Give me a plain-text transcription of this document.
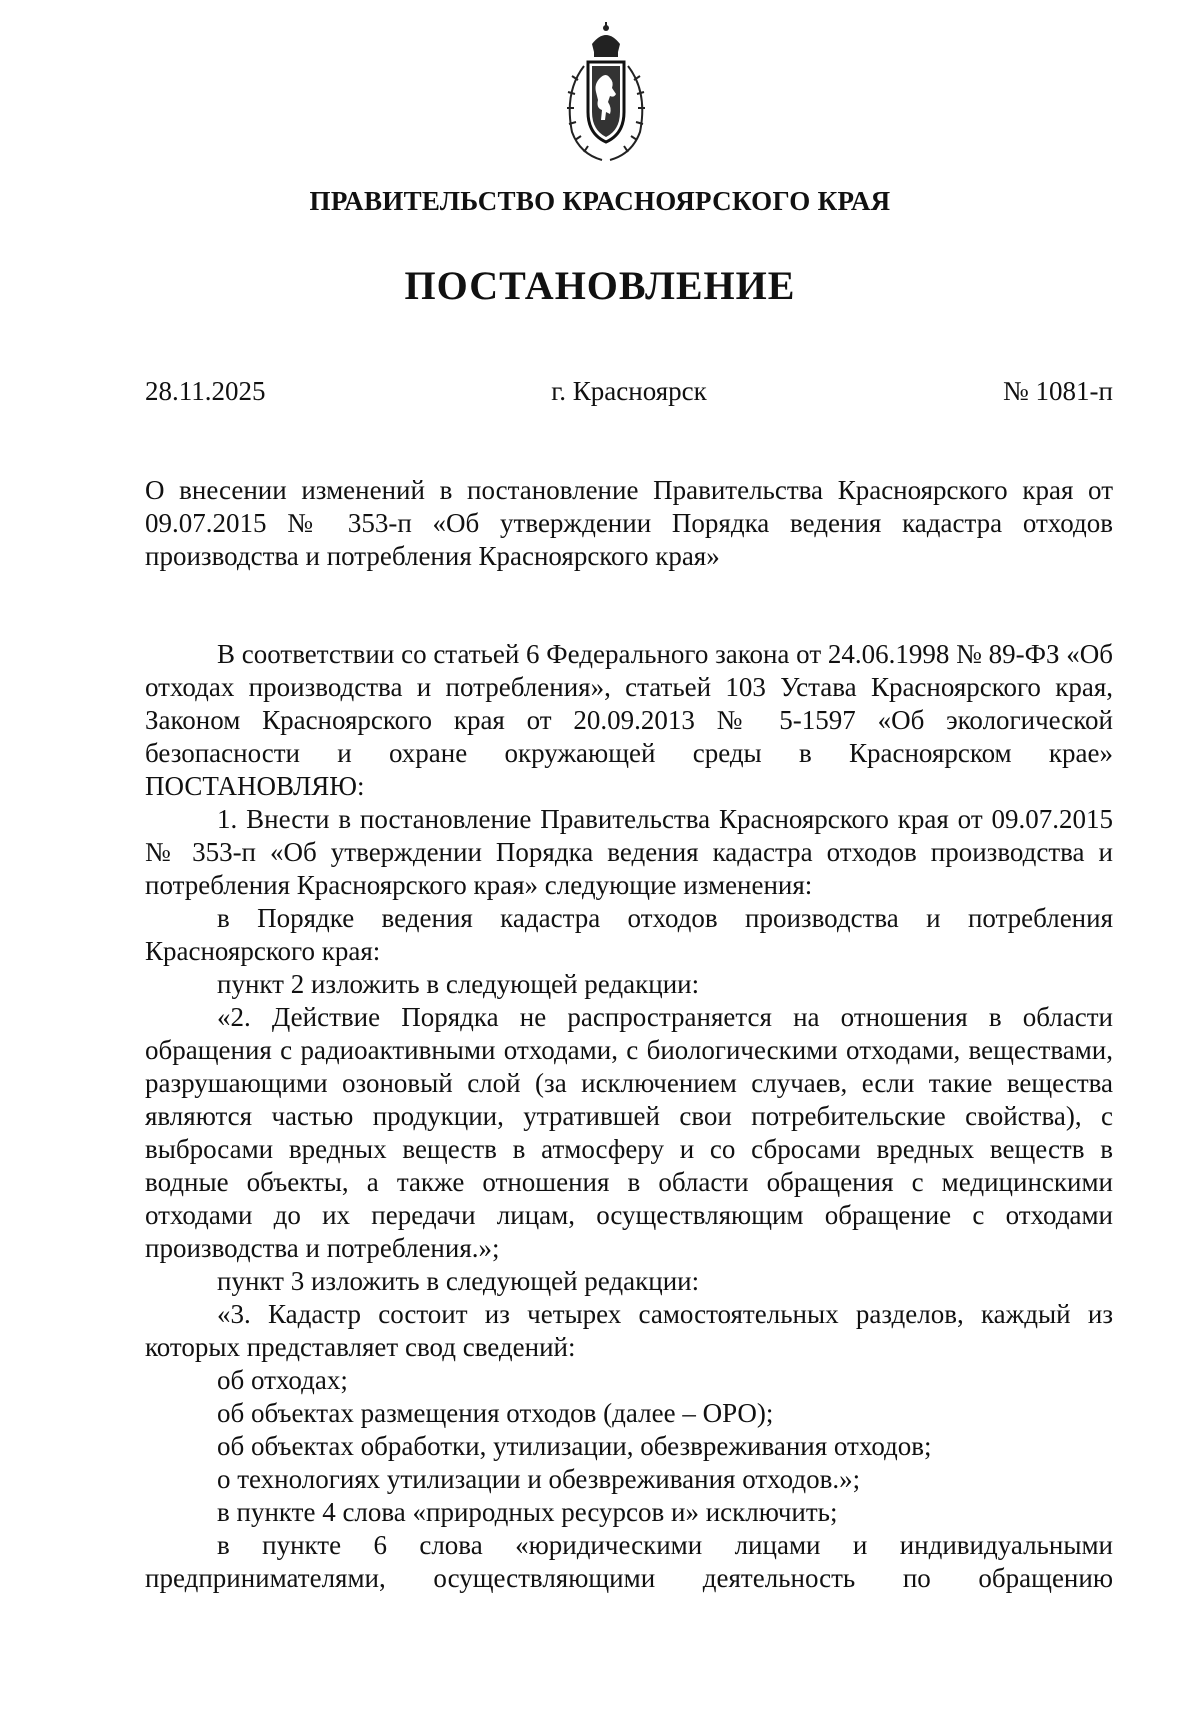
ПРАВИТЕЛЬСТВО КРАСНОЯРСКОГО КРАЯ
ПОСТАНОВЛЕНИЕ
28.11.2025	г. Красноярск	№ 1081-п

О внесении изменений в постановление Правительства Красноярского края от 09.07.2015 № 353-п «Об утверждении Порядка ведения кадастра отходов производства и потребления Красноярского края»

В соответствии со статьей 6 Федерального закона от 24.06.1998 № 89-ФЗ «Об отходах производства и потребления», статьей 103 Устава Красноярского края, Законом Красноярского края от 20.09.2013 № 5-1597 «Об экологической безопасности и охране окружающей среды в Красноярском крае» ПОСТАНОВЛЯЮ:

1. Внести в постановление Правительства Красноярского края от 09.07.2015 № 353-п «Об утверждении Порядка ведения кадастра отходов производства и потребления Красноярского края» следующие изменения:

в Порядке ведения кадастра отходов производства и потребления Красноярского края:

пункт 2 изложить в следующей редакции:

«2. Действие Порядка не распространяется на отношения в области обращения с радиоактивными отходами, с биологическими отходами, веществами, разрушающими озоновый слой (за исключением случаев, если такие вещества являются частью продукции, утратившей свои потребительские свойства), с выбросами вредных веществ в атмосферу и со сбросами вредных веществ в водные объекты, а также отношения в области обращения с медицинскими отходами до их передачи лицам, осуществляющим обращение с отходами производства и потребления.»;

пункт 3 изложить в следующей редакции:

«3. Кадастр состоит из четырех самостоятельных разделов, каждый из которых представляет свод сведений:

об отходах;

об объектах размещения отходов (далее – ОРО);

об объектах обработки, утилизации, обезвреживания отходов;

о технологиях утилизации и обезвреживания отходов.»;

в пункте 4 слова «природных ресурсов и» исключить;

в пункте 6 слова «юридическими лицами и индивидуальными предпринимателями, осуществляющими деятельность по обращению
